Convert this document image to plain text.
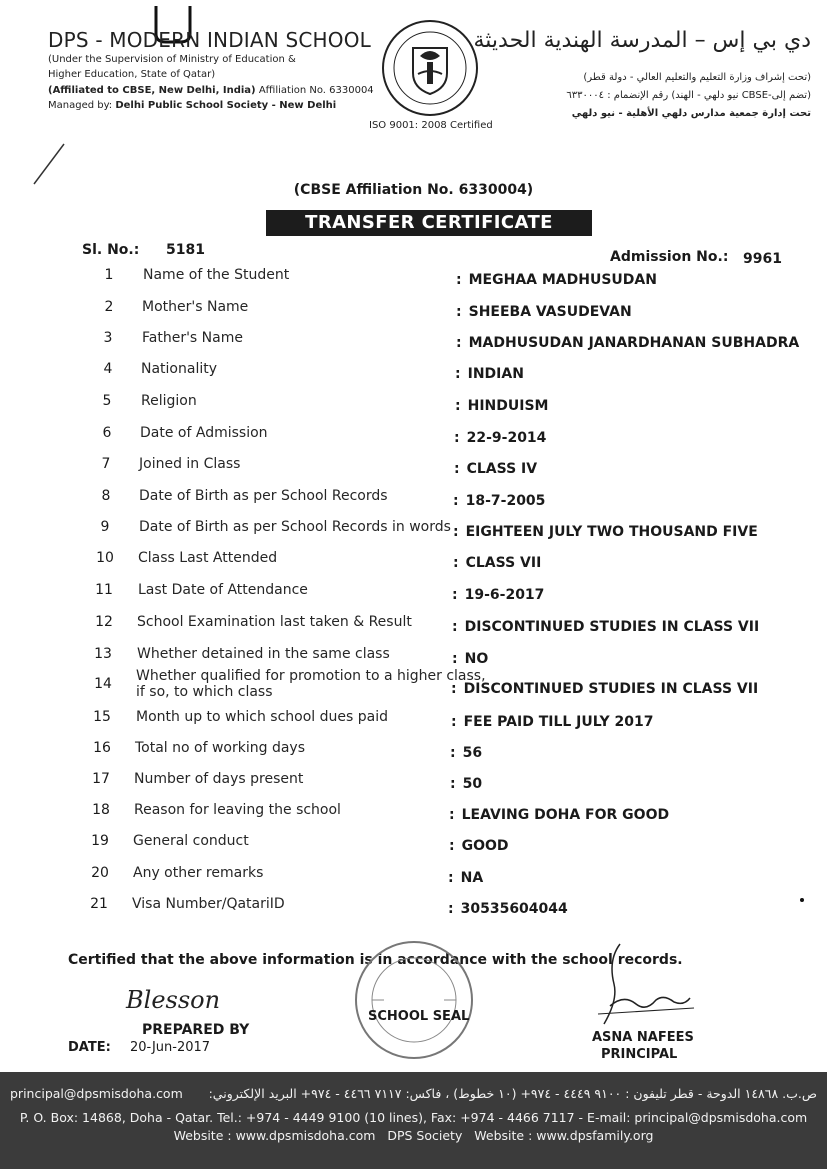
DPS - MODERN INDIAN SCHOOL
(Under the Supervision of Ministry of Education &
Higher Education, State of Qatar)
(Affiliated to CBSE, New Delhi, India) Affiliation No. 6330004
Managed by: Delhi Public School Society - New Delhi
ISO 9001: 2008 Certified
دي بي إس – المدرسة الهندية الحديثة
(تحت إشراف وزارة التعليم والتعليم العالي - دولة قطر)
(تضم إلى-CBSE نيو دلهي - الهند) رقم الإنضمام : ٦٣٣٠٠٠٤
تحت إدارة جمعية مدارس دلهي الأهلية - نيو دلهي
(CBSE Affiliation No. 6330004)
TRANSFER CERTIFICATE
Sl. No.: 5181	Admission No.: 9961
1	Name of the Student	: MEGHAA MADHUSUDAN
2	Mother's Name	: SHEEBA VASUDEVAN
3	Father's Name	: MADHUSUDAN JANARDHANAN SUBHADRA
4	Nationality	: INDIAN
5	Religion	: HINDUISM
6	Date of Admission	: 22-9-2014
7	Joined in Class	: CLASS IV
8	Date of Birth as per School Records	: 18-7-2005
9	Date of Birth as per School Records in words : EIGHTEEN JULY TWO THOUSAND FIVE
10	Class Last Attended	: CLASS VII
11	Last Date of Attendance	: 19-6-2017
12	School Examination last taken & Result	: DISCONTINUED STUDIES IN CLASS VII
13	Whether detained in the same class	: NO
14	Whether qualified for promotion to a higher class,
if so, to which class	: DISCONTINUED STUDIES IN CLASS VII
15	Month up to which school dues paid	: FEE PAID TILL JULY 2017
16	Total no of working days	: 56
17	Number of days present	: 50
18	Reason for leaving the school	: LEAVING DOHA FOR GOOD
19	General conduct	: GOOD
20	Any other remarks	: NA
21	Visa Number/QatariID	: 30535604044
Certified that the above information is in accordance with the school records.
Blesson
PREPARED BY
DATE: 20-Jun-2017
SCHOOL SEAL
ASNA NAFEES
PRINCIPAL
principal@dpsmisdoha.com ص.ب. ١٤٨٦٨ الدوحة - قطر تليفون : ٩١٠٠ ٤٤٤٩ - ٩٧٤+ (١٠ خطوط) ، فاكس: ٧١١٧ ٤٤٦٦ - ٩٧٤+ البريد الإلكتروني:
P. O. Box: 14868, Doha - Qatar. Tel.: +974 - 4449 9100 (10 lines), Fax: +974 - 4466 7117 - E-mail: principal@dpsmisdoha.com
Website : www.dpsmisdoha.com DPS Society Website : www.dpsfamily.org
